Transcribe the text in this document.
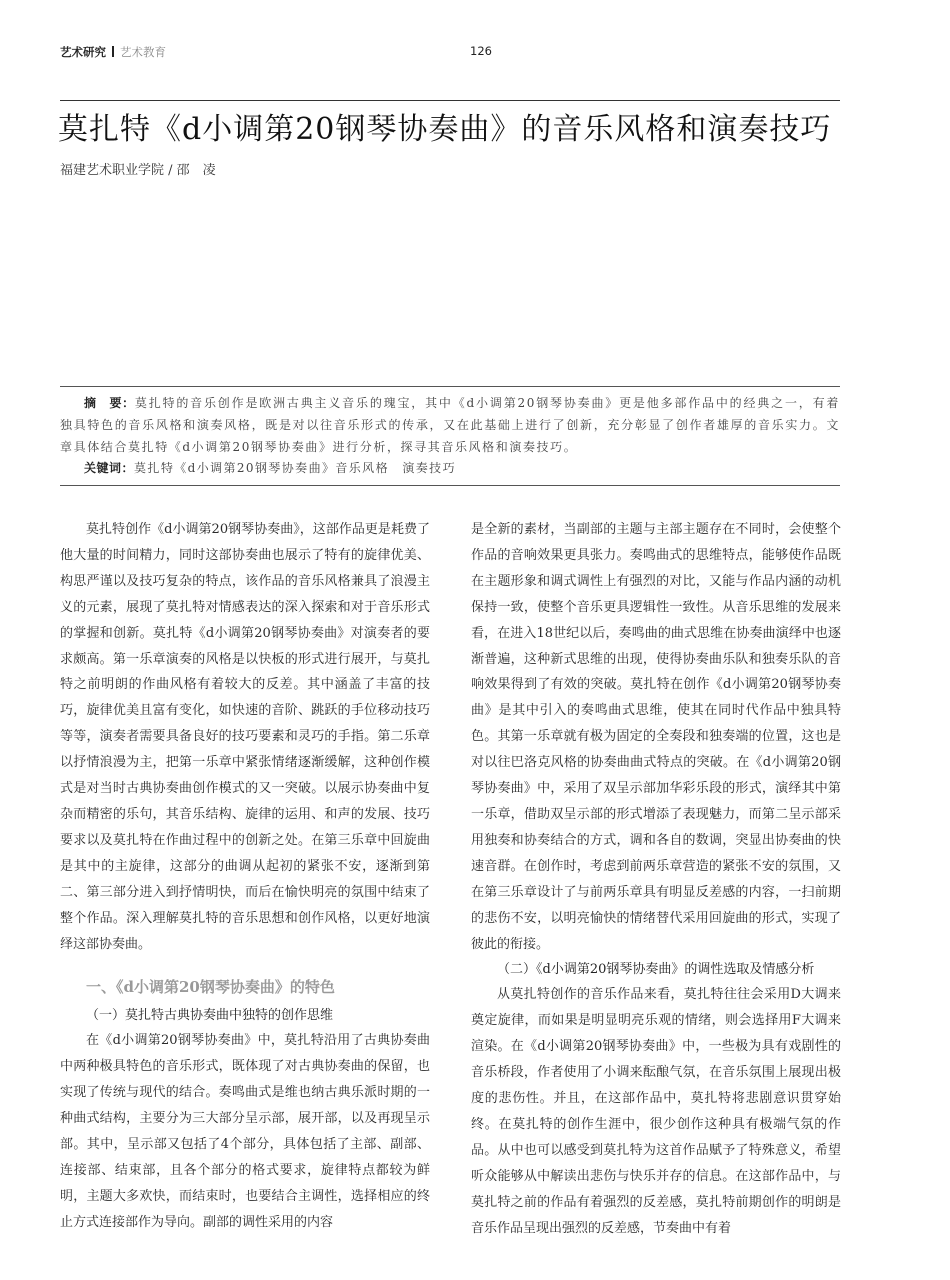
艺术研究 艺术教育	126
莫扎特《d小调第20钢琴协奏曲》的音乐风格和演奏技巧
福建艺术职业学院 / 邵　凌
摘　要：莫扎特的音乐创作是欧洲古典主义音乐的瑰宝，其中《d小调第20钢琴协奏曲》更是他多部作品中的经典之一，有着独具特色的音乐风格和演奏风格，既是对以往音乐形式的传承，又在此基础上进行了创新，充分彰显了创作者雄厚的音乐实力。文章具体结合莫扎特《d小调第20钢琴协奏曲》进行分析，探寻其音乐风格和演奏技巧。
关键词：莫扎特《d小调第20钢琴协奏曲》音乐风格　演奏技巧

莫扎特创作《d小调第20钢琴协奏曲》，这部作品更是耗费了他大量的时间精力，同时这部协奏曲也展示了特有的旋律优美、构思严谨以及技巧复杂的特点，该作品的音乐风格兼具了浪漫主义的元素，展现了莫扎特对情感表达的深入探索和对于音乐形式的掌握和创新。莫扎特《d小调第20钢琴协奏曲》对演奏者的要求颇高。第一乐章演奏的风格是以快板的形式进行展开，与莫扎特之前明朗的作曲风格有着较大的反差。其中涵盖了丰富的技巧，旋律优美且富有变化，如快速的音阶、跳跃的手位移动技巧等等，演奏者需要具备良好的技巧要素和灵巧的手指。第二乐章以抒情浪漫为主，把第一乐章中紧张情绪逐渐缓解，这种创作模式是对当时古典协奏曲创作模式的又一突破。以展示协奏曲中复杂而精密的乐句，其音乐结构、旋律的运用、和声的发展、技巧要求以及莫扎特在作曲过程中的创新之处。在第三乐章中回旋曲是其中的主旋律，这部分的曲调从起初的紧张不安，逐渐到第二、第三部分进入到抒情明快，而后在愉快明亮的氛围中结束了整个作品。深入理解莫扎特的音乐思想和创作风格，以更好地演绎这部协奏曲。

一、《d小调第20钢琴协奏曲》的特色
（一）莫扎特古典协奏曲中独特的创作思维

在《d小调第20钢琴协奏曲》中，莫扎特沿用了古典协奏曲中两种极具特色的音乐形式，既体现了对古典协奏曲的保留，也实现了传统与现代的结合。奏鸣曲式是维也纳古典乐派时期的一种曲式结构，主要分为三大部分呈示部，展开部，以及再现呈示部。其中，呈示部又包括了4个部分，具体包括了主部、副部、连接部、结束部，且各个部分的格式要求，旋律特点都较为鲜明，主题大多欢快，而结束时，也要结合主调性，选择相应的终止方式连接部作为导向。副部的调性采用的内容

是全新的素材，当副部的主题与主部主题存在不同时，会使整个作品的音响效果更具张力。奏鸣曲式的思维特点，能够使作品既在主题形象和调式调性上有强烈的对比，又能与作品内涵的动机保持一致，使整个音乐更具逻辑性一致性。从音乐思维的发展来看，在进入18世纪以后，奏鸣曲的曲式思维在协奏曲演绎中也逐渐普遍，这种新式思维的出现，使得协奏曲乐队和独奏乐队的音响效果得到了有效的突破。莫扎特在创作《d小调第20钢琴协奏曲》是其中引入的奏鸣曲式思维，使其在同时代作品中独具特色。其第一乐章就有极为固定的全奏段和独奏端的位置，这也是对以往巴洛克风格的协奏曲曲式特点的突破。在《d小调第20钢琴协奏曲》中，采用了双呈示部加华彩乐段的形式，演绎其中第一乐章，借助双呈示部的形式增添了表现魅力，而第二呈示部采用独奏和协奏结合的方式，调和各自的数调，突显出协奏曲的快速音群。在创作时，考虑到前两乐章营造的紧张不安的氛围，又在第三乐章设计了与前两乐章具有明显反差感的内容，一扫前期的悲伤不安，以明亮愉快的情绪替代采用回旋曲的形式，实现了彼此的衔接。

（二）《d小调第20钢琴协奏曲》的调性选取及情感分析

从莫扎特创作的音乐作品来看，莫扎特往往会采用D大调来奠定旋律，而如果是明显明亮乐观的情绪，则会选择用F大调来渲染。在《d小调第20钢琴协奏曲》中，一些极为具有戏剧性的音乐桥段，作者使用了小调来酝酿气氛，在音乐氛围上展现出极度的悲伤性。并且，在这部作品中，莫扎特将悲剧意识贯穿始终。在莫扎特的创作生涯中，很少创作这种具有极端气氛的作品。从中也可以感受到莫扎特为这首作品赋予了特殊意义，希望听众能够从中解读出悲伤与快乐并存的信息。在这部作品中，与莫扎特之前的作品有着强烈的反差感，莫扎特前期创作的明朗是音乐作品呈现出强烈的反差感，节奏曲中有着
